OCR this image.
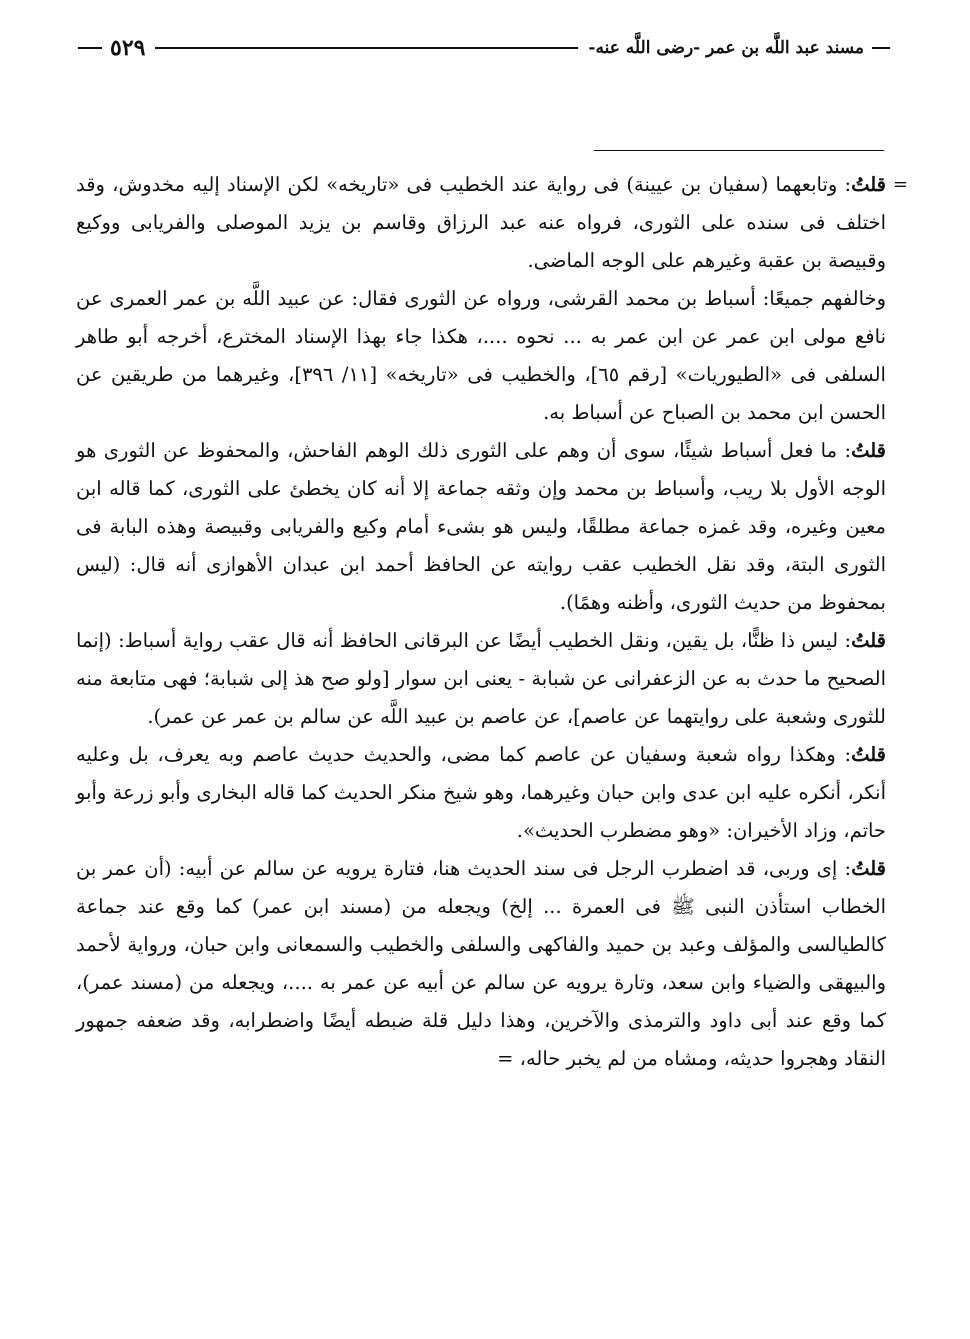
مسند عبد اللَّه بن عمر -رضى اللَّه عنه-
٥٢٩
=

قلتُ: وتابعهما (سفيان بن عيينة) فى رواية عند الخطيب فى «تاريخه» لكن الإسناد إليه مخدوش، وقد اختلف فى سنده على الثورى، فرواه عنه عبد الرزاق وقاسم بن يزيد الموصلى والفريابى ووكيع وقبيصة بن عقبة وغيرهم على الوجه الماضى.

وخالفهم جميعًا: أسباط بن محمد القرشى، ورواه عن الثورى فقال: عن عبيد اللَّه بن عمر العمرى عن نافع مولى ابن عمر عن ابن عمر به ... نحوه ....، هكذا جاء بهذا الإسناد المخترع، أخرجه أبو طاهر السلفى فى «الطيوريات» [رقم ٦٥]، والخطيب فى «تاريخه» [١١/ ٣٩٦]، وغيرهما من طريقين عن الحسن ابن محمد بن الصباح عن أسباط به.

قلتُ: ما فعل أسباط شيئًا، سوى أن وهم على الثورى ذلك الوهم الفاحش، والمحفوظ عن الثورى هو الوجه الأول بلا ريب، وأسباط بن محمد وإن وثقه جماعة إلا أنه كان يخطئ على الثورى، كما قاله ابن معين وغيره، وقد غمزه جماعة مطلقًا، وليس هو بشىء أمام وكيع والفريابى وقبيصة وهذه البابة فى الثورى البتة، وقد نقل الخطيب عقب روايته عن الحافظ أحمد ابن عبدان الأهوازى أنه قال: (ليس بمحفوظ من حديث الثورى، وأظنه وهمًا).

قلتُ: ليس ذا ظنًّا، بل يقين، ونقل الخطيب أيضًا عن البرقانى الحافظ أنه قال عقب رواية أسباط: (إنما الصحيح ما حدث به عن الزعفرانى عن شبابة - يعنى ابن سوار [ولو صح هذ إلى شبابة؛ فهى متابعة منه للثورى وشعبة على روايتهما عن عاصم]، عن عاصم بن عبيد اللَّه عن سالم بن عمر عن عمر).

قلتُ: وهكذا رواه شعبة وسفيان عن عاصم كما مضى، والحديث حديث عاصم وبه يعرف، بل وعليه أنكر، أنكره عليه ابن عدى وابن حبان وغيرهما، وهو شيخ منكر الحديث كما قاله البخارى وأبو زرعة وأبو حاتم، وزاد الأخيران: «وهو مضطرب الحديث».

قلتُ: إى وربى، قد اضطرب الرجل فى سند الحديث هنا، فتارة يرويه عن سالم عن أبيه: (أن عمر بن الخطاب استأذن النبى ﷺ فى العمرة ... إلخ) ويجعله من (مسند ابن عمر) كما وقع عند جماعة كالطيالسى والمؤلف وعبد بن حميد والفاكهى والسلفى والخطيب والسمعانى وابن حبان، ورواية لأحمد والبيهقى والضياء وابن سعد، وتارة يرويه عن سالم عن أبيه عن عمر به ....، ويجعله من (مسند عمر)، كما وقع عند أبى داود والترمذى والآخرين، وهذا دليل قلة ضبطه أيضًا واضطرابه، وقد ضعفه جمهور النقاد وهجروا حديثه، ومشاه من لم يخبر حاله، =
